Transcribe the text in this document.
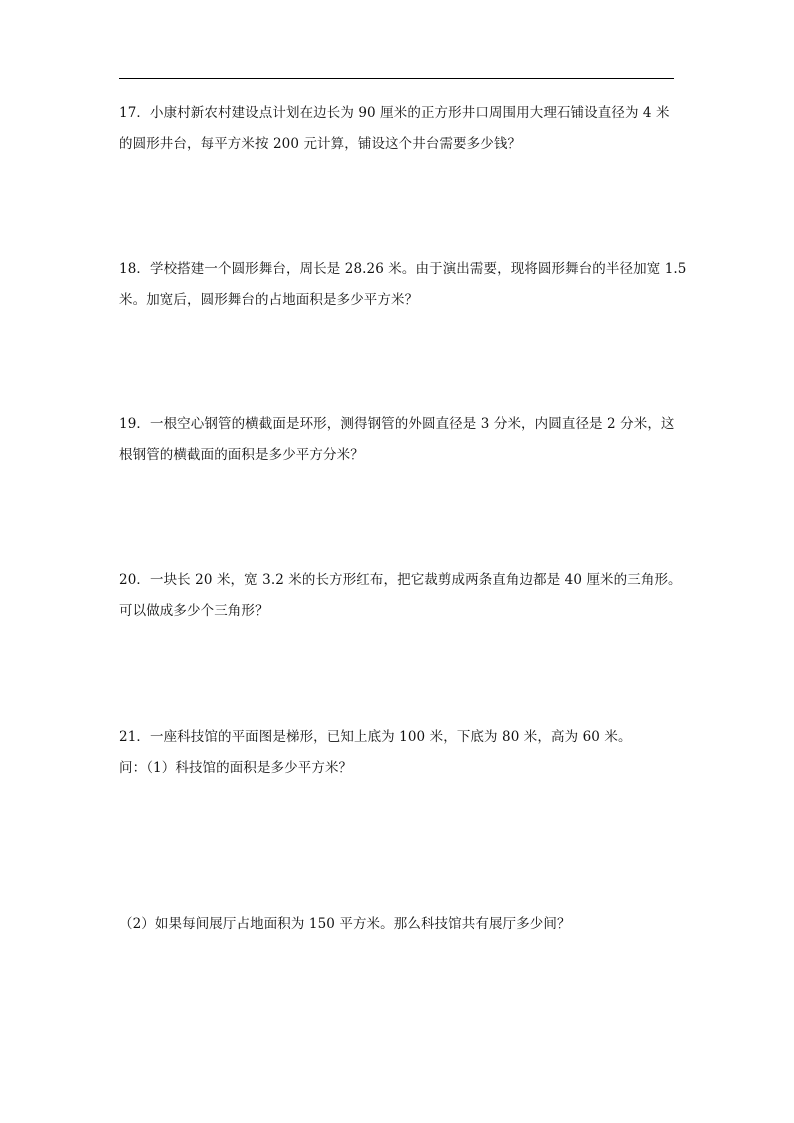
17．小康村新农村建设点计划在边长为 90 厘米的正方形井口周围用大理石铺设直径为 4 米
的圆形井台，每平方米按 200 元计算，铺设这个井台需要多少钱？
18．学校搭建一个圆形舞台，周长是 28.26 米。由于演出需要，现将圆形舞台的半径加宽 1.5
米。加宽后，圆形舞台的占地面积是多少平方米？
19．一根空心钢管的横截面是环形，测得钢管的外圆直径是 3 分米，内圆直径是 2 分米，这
根钢管的横截面的面积是多少平方分米？
20．一块长 20 米，宽 3.2 米的长方形红布，把它裁剪成两条直角边都是 40 厘米的三角形。
可以做成多少个三角形？
21．一座科技馆的平面图是梯形，已知上底为 100 米，下底为 80 米，高为 60 米。
问：（1）科技馆的面积是多少平方米？
（2）如果每间展厅占地面积为 150 平方米。那么科技馆共有展厅多少间？
